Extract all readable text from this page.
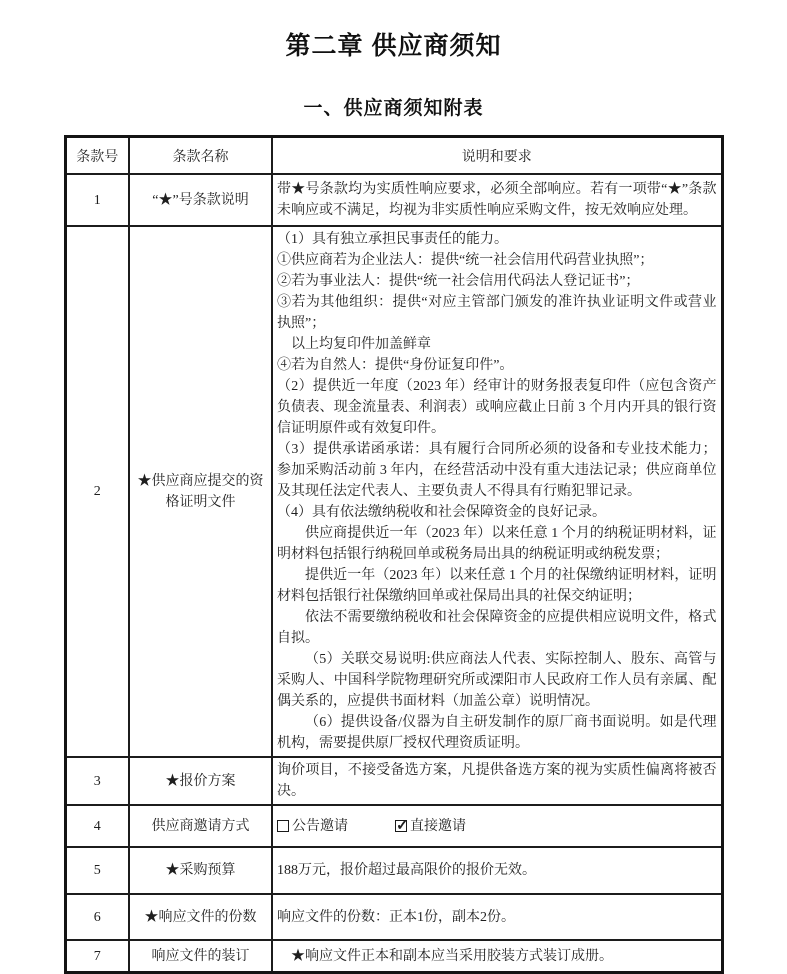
第二章 供应商须知
一、供应商须知附表
条款号	条款名称	说明和要求
1	“★”号条款说明	带★号条款均为实质性响应要求，必须全部响应。若有一项带“★”条款未响应或不满足，均视为非实质性响应采购文件，按无效响应处理。

2	★供应商应提交的资格证明文件	
（1）具有独立承担民事责任的能力。
①供应商若为企业法人：提供“统一社会信用代码营业执照”；
②若为事业法人：提供“统一社会信用代码法人登记证书”；
③若为其他组织：提供“对应主管部门颁发的准许执业证明文件或营业执照”；
以上均复印件加盖鲜章
④若为自然人：提供“身份证复印件”。
（2）提供近一年度（2023 年）经审计的财务报表复印件（应包含资产负债表、现金流量表、利润表）或响应截止日前 3 个月内开具的银行资信证明原件或有效复印件。
（3）提供承诺函承诺：具有履行合同所必须的设备和专业技术能力；参加采购活动前 3 年内，在经营活动中没有重大违法记录；供应商单位及其现任法定代表人、主要负责人不得具有行贿犯罪记录。
（4）具有依法缴纳税收和社会保障资金的良好记录。
供应商提供近一年（2023 年）以来任意 1 个月的纳税证明材料，证明材料包括银行纳税回单或税务局出具的纳税证明或纳税发票；
提供近一年（2023 年）以来任意 1 个月的社保缴纳证明材料，证明材料包括银行社保缴纳回单或社保局出具的社保交纳证明；
依法不需要缴纳税收和社会保障资金的应提供相应说明文件，格式自拟。
（5）关联交易说明:供应商法人代表、实际控制人、股东、高管与采购人、中国科学院物理研究所或溧阳市人民政府工作人员有亲属、配偶关系的，应提供书面材料（加盖公章）说明情况。
（6）提供设备/仪器为自主研发制作的原厂商书面说明。如是代理机构，需要提供原厂授权代理资质证明。

3	★报价方案	询价项目，不接受备选方案，凡提供备选方案的视为实质性偏离将被否决。

4	供应商邀请方式	公告邀请 ✓ 直接邀请

5	★采购预算	188万元，报价超过最高限价的报价无效。

6	★响应文件的份数	响应文件的份数：正本1份，副本2份。

7	响应文件的装订	★响应文件正本和副本应当采用胶装方式装订成册。
